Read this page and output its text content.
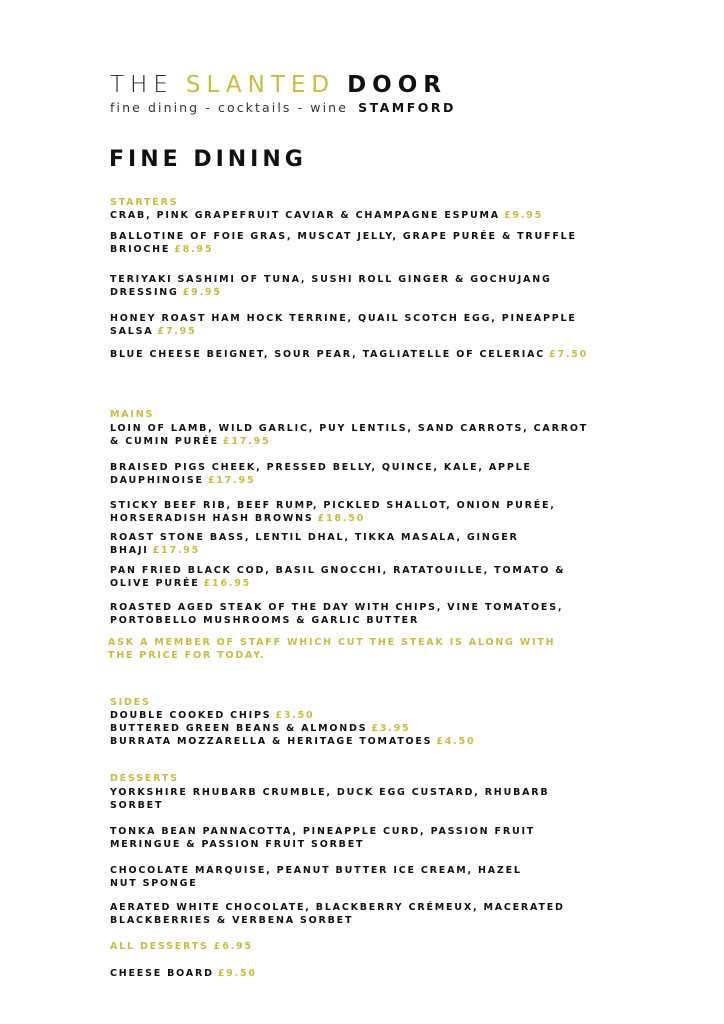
THE SLANTED DOOR
fine dining - cocktails - wine STAMFORD
FINE DINING
STARTERS
CRAB, PINK GRAPEFRUIT CAVIAR & CHAMPAGNE ESPUMA £9.95
BALLOTINE OF FOIE GRAS, MUSCAT JELLY, GRAPE PURÉE & TRUFFLE BRIOCHE £8.95
TERIYAKI SASHIMI OF TUNA, SUSHI ROLL GINGER & GOCHUJANG DRESSING £9.95
HONEY ROAST HAM HOCK TERRINE, QUAIL SCOTCH EGG, PINEAPPLE SALSA £7.95
BLUE CHEESE BEIGNET, SOUR PEAR, TAGLIATELLE OF CELERIAC £7.50
MAINS
LOIN OF LAMB, WILD GARLIC, PUY LENTILS, SAND CARROTS, CARROT & CUMIN PURÉE £17.95
BRAISED PIGS CHEEK, PRESSED BELLY, QUINCE, KALE, APPLE DAUPHINOISE £17.95
STICKY BEEF RIB, BEEF RUMP, PICKLED SHALLOT, ONION PURÉE, HORSERADISH HASH BROWNS £18.50
ROAST STONE BASS, LENTIL DHAL, TIKKA MASALA, GINGER BHAJI £17.95
PAN FRIED BLACK COD, BASIL GNOCCHI, RATATOUILLE, TOMATO & OLIVE PURÉE £16.95
ROASTED AGED STEAK OF THE DAY WITH CHIPS, VINE TOMATOES, PORTOBELLO MUSHROOMS & GARLIC BUTTER
ASK A MEMBER OF STAFF WHICH CUT THE STEAK IS ALONG WITH THE PRICE FOR TODAY.
SIDES
DOUBLE COOKED CHIPS £3.50
BUTTERED GREEN BEANS & ALMONDS £3.95
BURRATA MOZZARELLA & HERITAGE TOMATOES £4.50
DESSERTS
YORKSHIRE RHUBARB CRUMBLE, DUCK EGG CUSTARD, RHUBARB SORBET
TONKA BEAN PANNACOTTA, PINEAPPLE CURD, PASSION FRUIT MERINGUE & PASSION FRUIT SORBET
CHOCOLATE MARQUISE, PEANUT BUTTER ICE CREAM, HAZEL NUT SPONGE
AERATED WHITE CHOCOLATE, BLACKBERRY CRÉMEUX, MACERATED BLACKBERRIES & VERBENA SORBET
ALL DESSERTS £6.95
CHEESE BOARD £9.50
